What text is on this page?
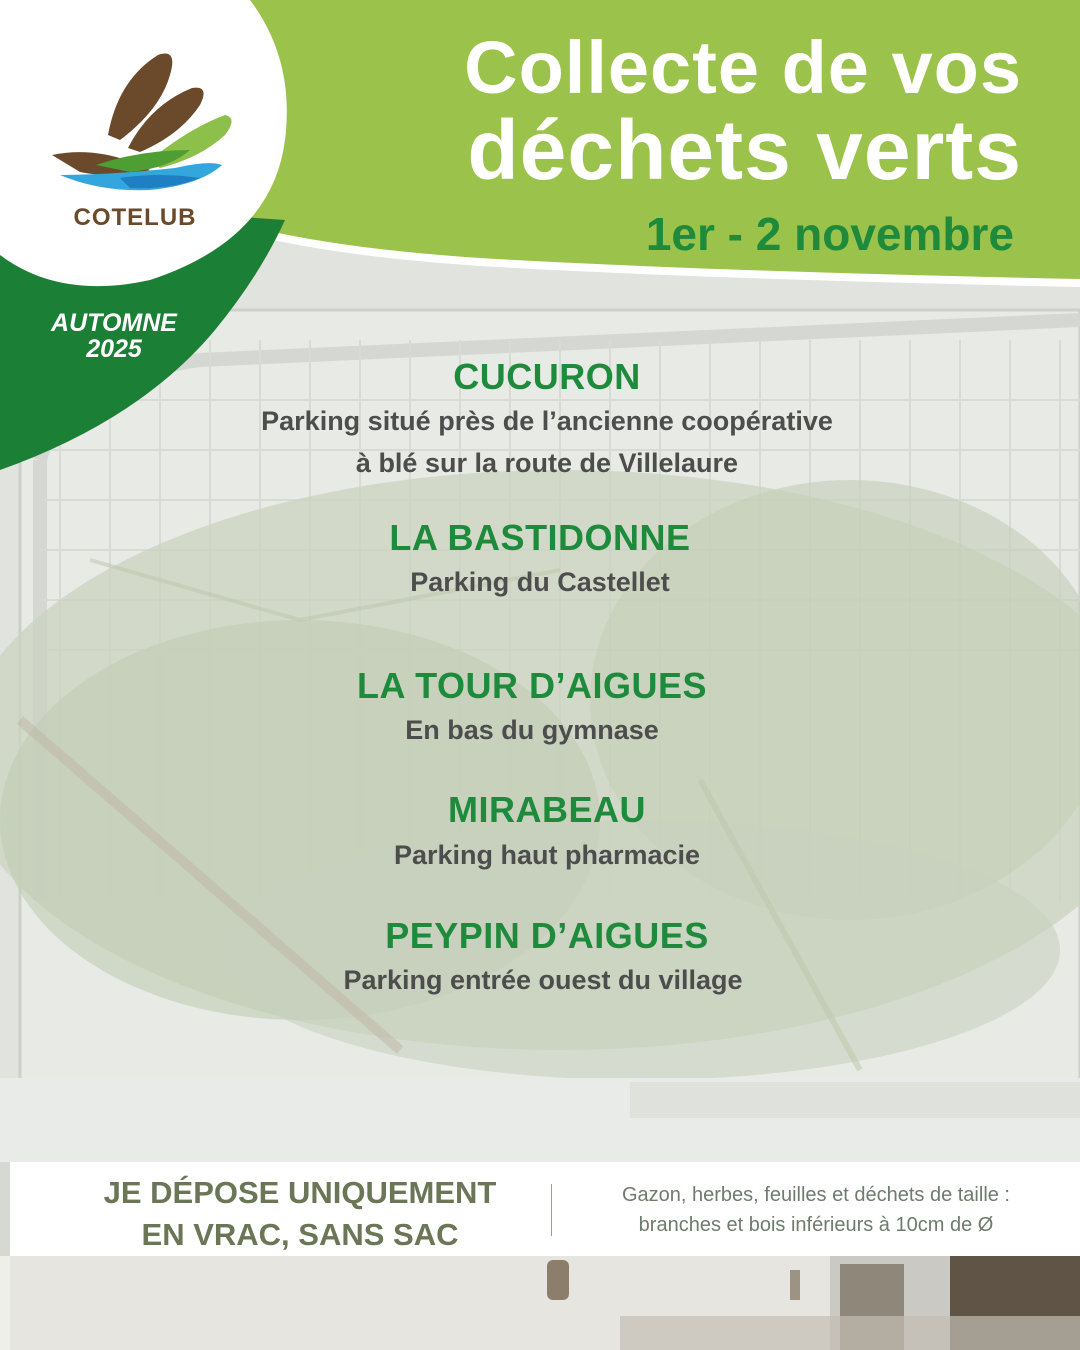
Collecte de vos
déchets verts
1er - 2 novembre
COTELUB
AUTOMNE
2025
CUCURON
Parking situé près de l’ancienne coopérative
à blé sur la route de Villelaure
LA BASTIDONNE
Parking du Castellet
LA TOUR D’AIGUES
En bas du gymnase
MIRABEAU
Parking haut pharmacie
PEYPIN D’AIGUES
Parking entrée ouest du village
JE DÉPOSE UNIQUEMENT
EN VRAC, SANS SAC
Gazon, herbes, feuilles et déchets de taille :
branches et bois inférieurs à 10cm de Ø
